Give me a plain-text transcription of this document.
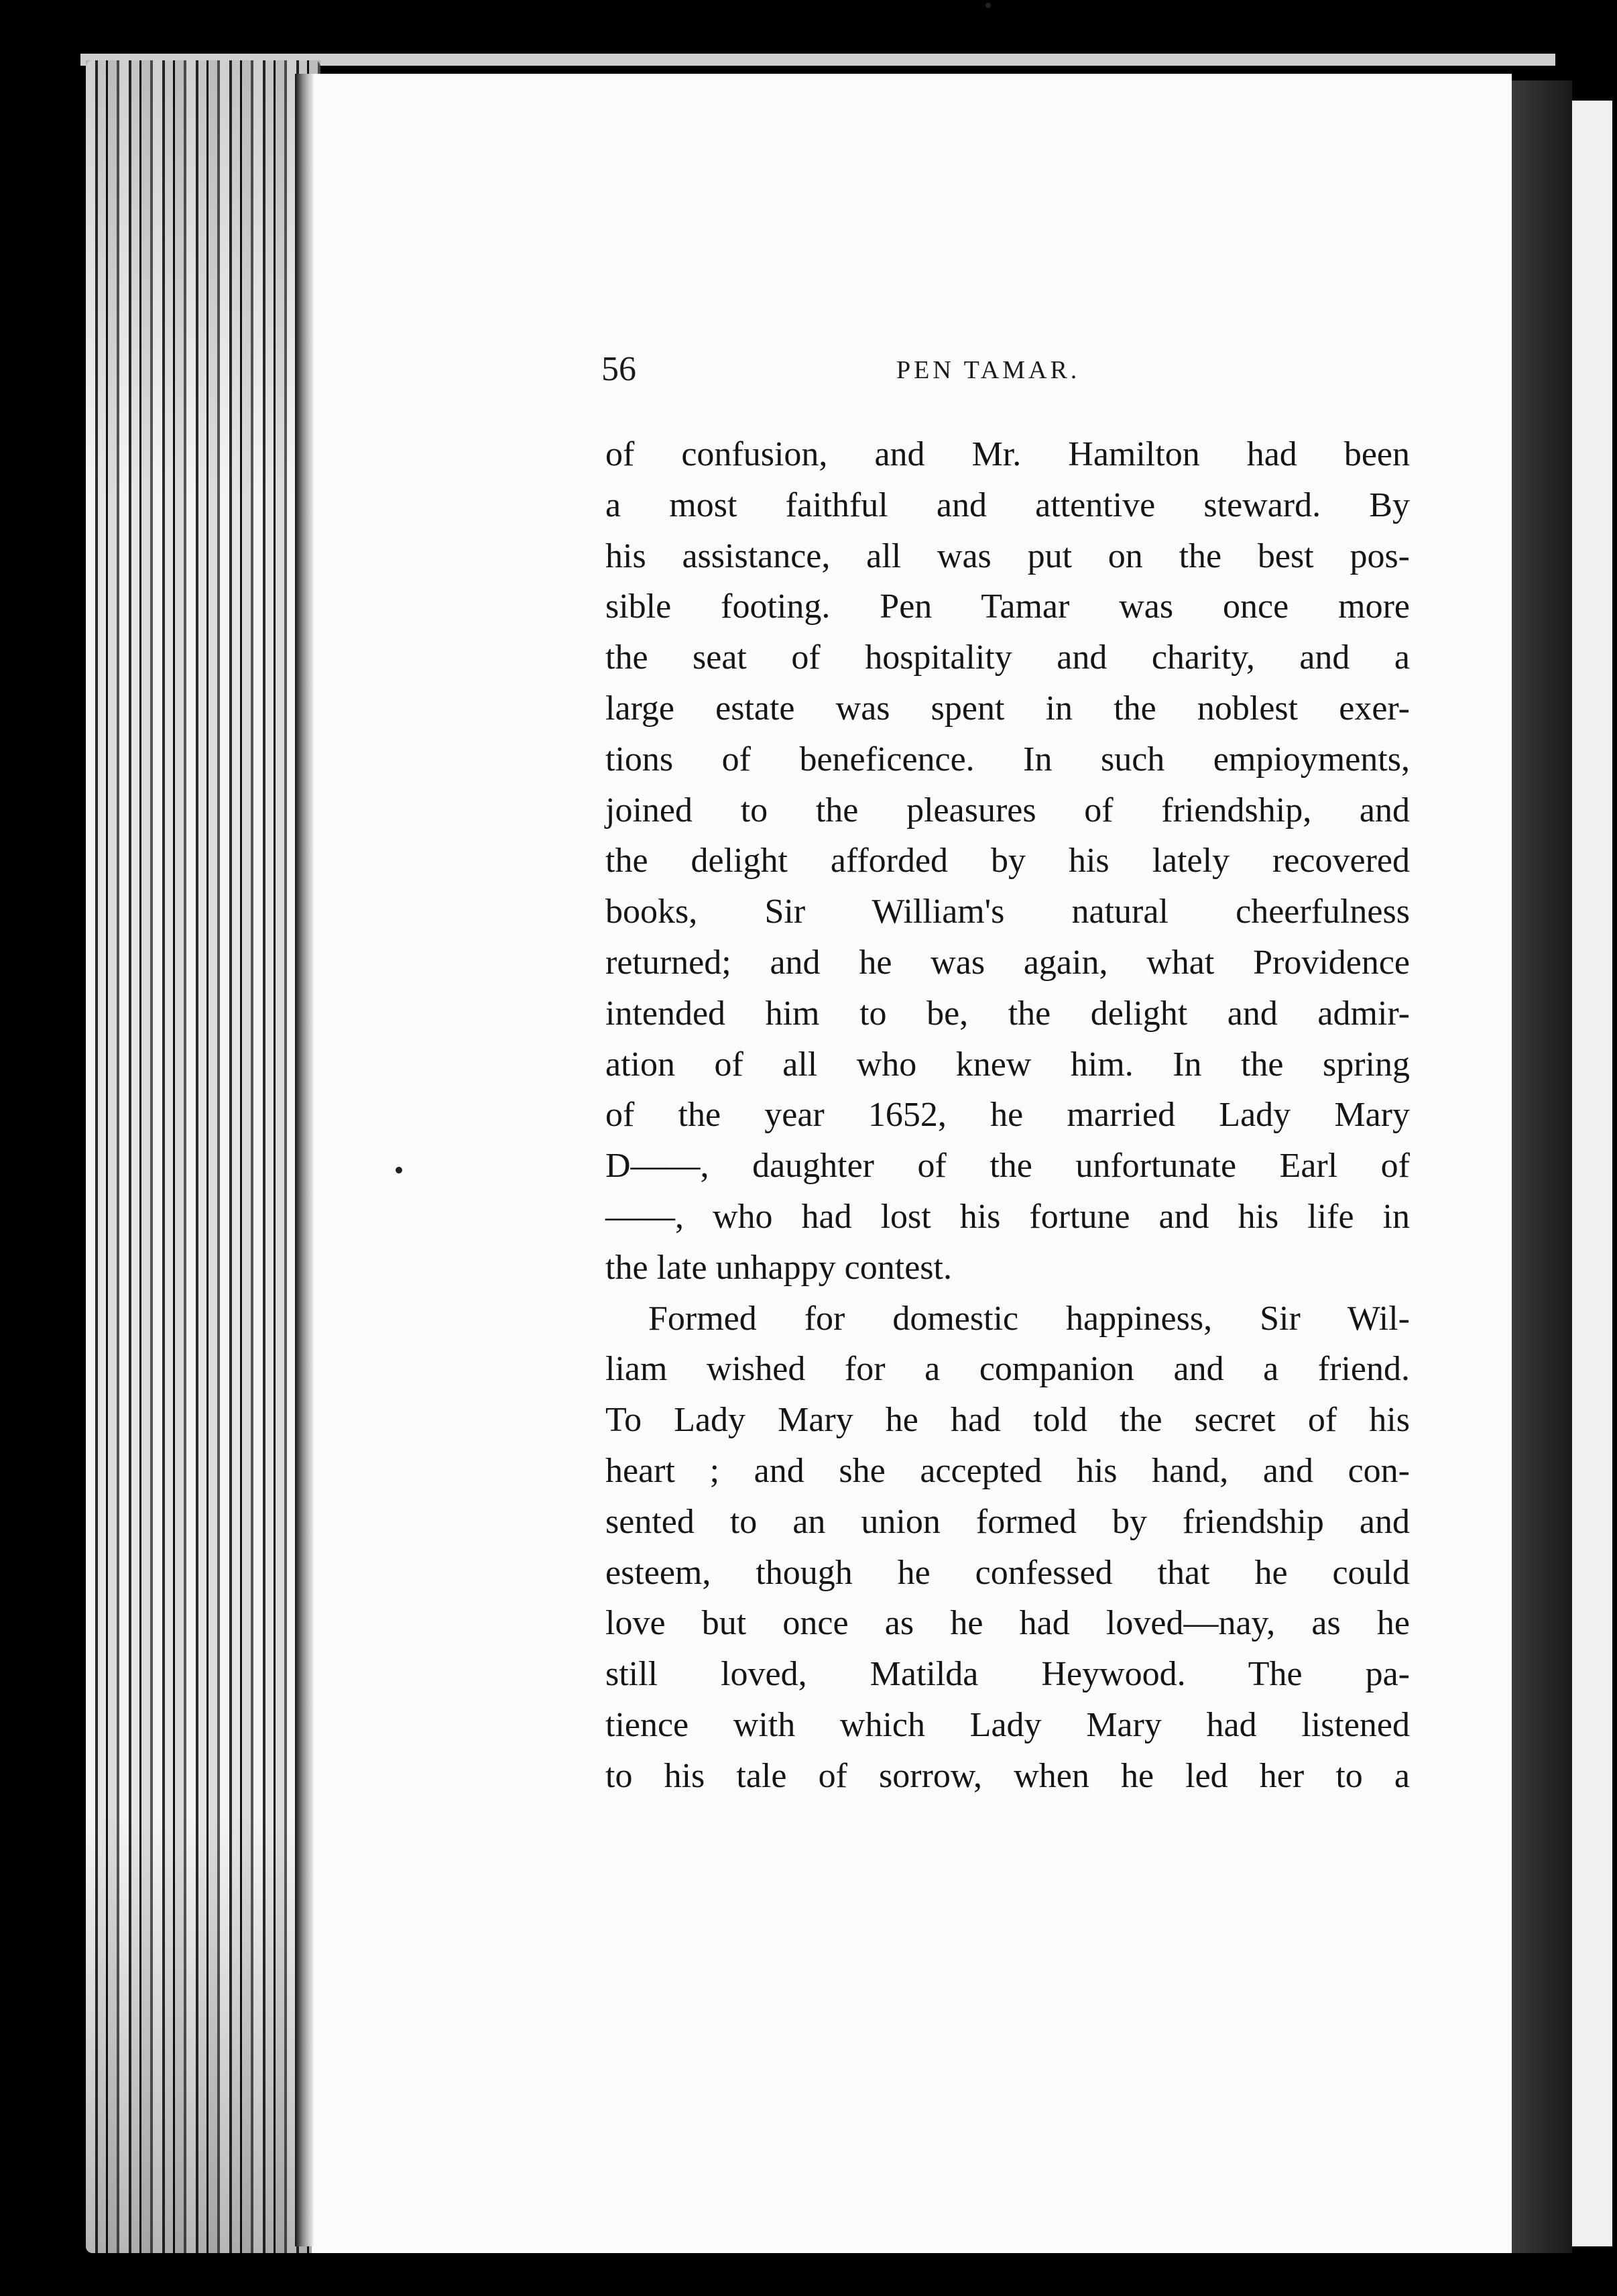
56	PEN TAMAR.
of confusion, and Mr. Hamilton had been
a most faithful and attentive steward. By
his assistance, all was put on the best pos-
sible footing. Pen Tamar was once more
the seat of hospitality and charity, and a
large estate was spent in the noblest exer-
tions of beneficence. In such empioyments,
joined to the pleasures of friendship, and
the delight afforded by his lately recovered
books, Sir William's natural cheerfulness
returned; and he was again, what Providence
intended him to be, the delight and admir-
ation of all who knew him. In the spring
of the year 1652, he married Lady Mary
D——, daughter of the unfortunate Earl of
——, who had lost his fortune and his life in
the late unhappy contest.
Formed for domestic happiness, Sir Wil-
liam wished for a companion and a friend.
To Lady Mary he had told the secret of his
heart ; and she accepted his hand, and con-
sented to an union formed by friendship and
esteem, though he confessed that he could
love but once as he had loved—nay, as he
still loved, Matilda Heywood. The pa-
tience with which Lady Mary had listened
to his tale of sorrow, when he led her to a
